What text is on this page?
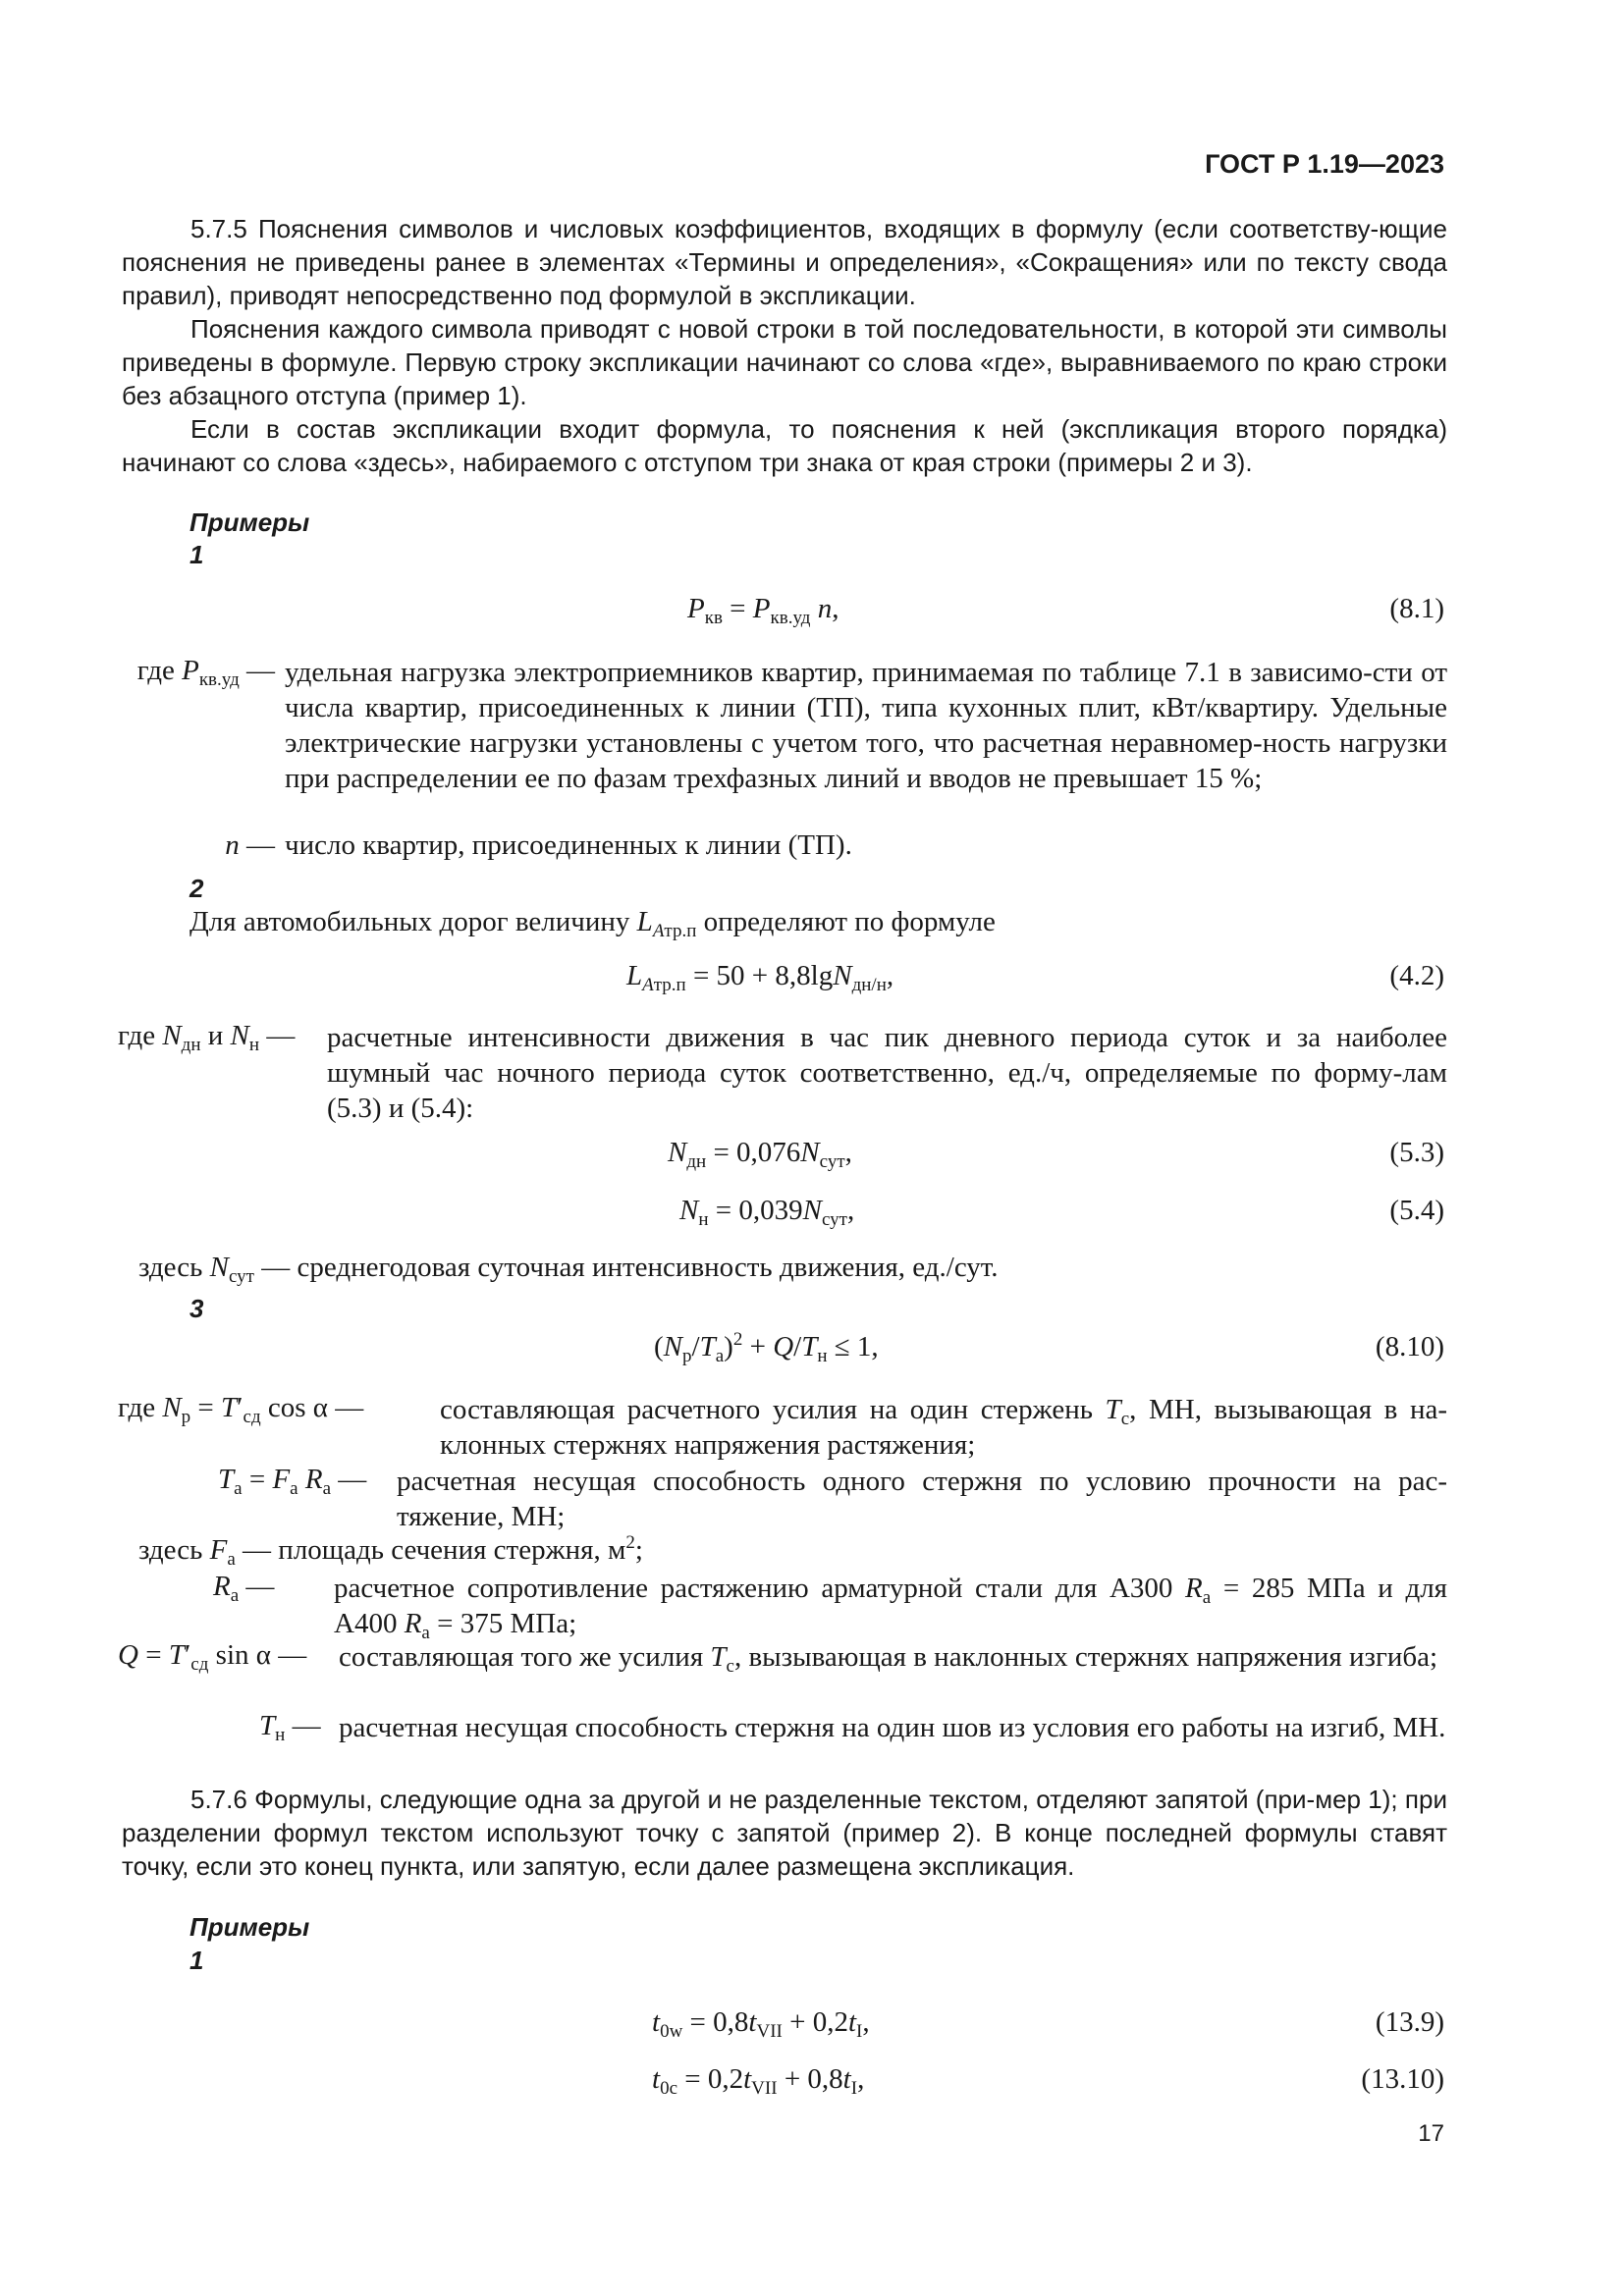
ГОСТ Р 1.19—2023

5.7.5 Пояснения символов и числовых коэффициентов, входящих в формулу (если соответству-ющие пояснения не приведены ранее в элементах «Термины и определения», «Сокращения» или по тексту свода правил), приводят непосредственно под формулой в экспликации.

Пояснения каждого символа приводят с новой строки в той последовательности, в которой эти символы приведены в формуле. Первую строку экспликации начинают со слова «где», выравниваемого по краю строки без абзацного отступа (пример 1).

Если в состав экспликации входит формула, то пояснения к ней (экспликация второго порядка) начинают со слова «здесь», набираемого с отступом три знака от края строки (примеры 2 и 3).

Примеры
1
$P_{кв} = P_{кв.уд}$ n,	(8.1)
где $P_{кв.уд}$ — удельная нагрузка электроприемников квартир, принимаемая по таблице 7.1 в зависимо-сти от числа квартир, присоединенных к линии (ТП), типа кухонных плит, кВт/квартиру. Удельные электрические нагрузки установлены с учетом того, что расчетная неравномер-ность нагрузки при распределении ее по фазам трехфазных линий и вводов не превышает 15 %;

n — число квартир, присоединенных к линии (ТП).
2
Для автомобильных дорог величину $L_{Aтр.п}$ определяют по формуле
$L_{Aтр.п} = 50 + 8,8\lg N_{дн/н}$,	(4.2)
где $N_{дн}$ и $N_н$ — расчетные интенсивности движения в час пик дневного периода суток и за наиболее шумный час ночного периода суток соответственно, ед./ч, определяемые по форму-лам (5.3) и (5.4):

$N_{дн} = 0,076N_{сут}$,	(5.3)
$N_н = 0,039N_{сут}$,	(5.4)
здесь $N_{сут}$ — среднегодовая суточная интенсивность движения, ед./сут.
3
$(N_р/T_а)^2 + Q/T_н \le 1$,	(8.10)
где $N_р = T'_{сд}$ cos α —	составляющая расчетного усилия на один стержень $T_с$, МН, вызывающая в на-клонных стержнях напряжения растяжения;

$T_а = F_а$ $R_а$ — расчетная несущая способность одного стержня по условию прочности на рас-тяжение, МН;

здесь $F_а$ — площадь сечения стержня, $м^2$;
$R_а$ — расчетное сопротивление растяжению арматурной стали для А300 $R_а = 285$ МПа и для А400 $R_а = 375$ МПа;

$Q = T'_{сд}$ sin α — составляющая того же усилия $T_с$, вызывающая в наклонных стержнях напряжения изгиба;

$T_н$ — расчетная несущая способность стержня на один шов из условия его работы на изгиб, МН.

5.7.6 Формулы, следующие одна за другой и не разделенные текстом, отделяют запятой (при-мер 1); при разделении формул текстом используют точку с запятой (пример 2). В конце последней формулы ставят точку, если это конец пункта, или запятую, если далее размещена экспликация.

Примеры
1
$t_{0w} = 0,8t_{VII} + 0,2t_I$,	(13.9)
$t_{0c} = 0,2t_{VII} + 0,8t_I$,	(13.10)
17
